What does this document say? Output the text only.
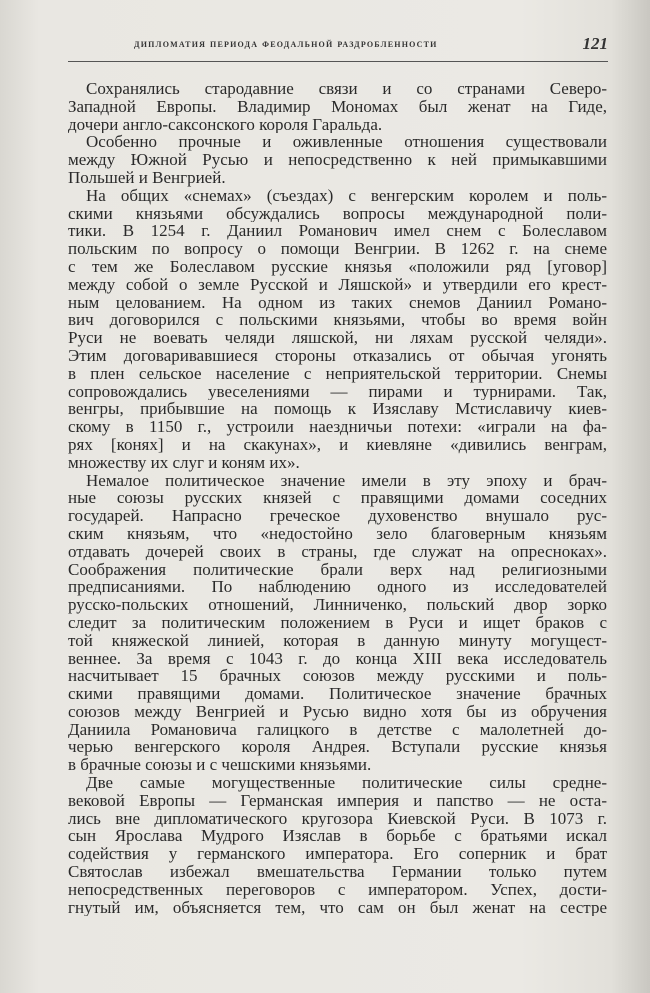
дипломатия периода феодальной раздробленности	121
Сохранялись стародавние связи и со странами Северо-
Западной Европы. Владимир Мономах был женат на Гиде,
дочери англо-саксонского короля Гаральда.
Особенно прочные и оживленные отношения существовали
между Южной Русью и непосредственно к ней примыкавшими
Польшей и Венгрией.
На общих «снемах» (съездах) с венгерским королем и поль-
скими князьями обсуждались вопросы международной поли-
тики. В 1254 г. Даниил Романович имел снем с Болеславом
польским по вопросу о помощи Венгрии. В 1262 г. на снеме
с тем же Болеславом русские князья «положили ряд [уговор]
между собой о земле Русской и Ляшской» и утвердили его крест-
ным целованием. На одном из таких снемов Даниил Романо-
вич договорился с польскими князьями, чтобы во время войн
Руси не воевать челяди ляшской, ни ляхам русской челяди».
Этим договаривавшиеся стороны отказались от обычая угонять
в плен сельское население с неприятельской территории. Снемы
сопровождались увеселениями — пирами и турнирами. Так,
венгры, прибывшие на помощь к Изяславу Мстиславичу киев-
скому в 1150 г., устроили наездничьи потехи: «играли на фа-
рях [конях] и на скакунах», и киевляне «дивились венграм,
множеству их слуг и коням их».
Немалое политическое значение имели в эту эпоху и брач-
ные союзы русских князей с правящими домами соседних
государей. Напрасно греческое духовенство внушало рус-
ским князьям, что «недостойно зело благоверным князьям
отдавать дочерей своих в страны, где служат на опресноках».
Соображения политические брали верх над религиозными
предписаниями. По наблюдению одного из исследователей
русско-польских отношений, Линниченко, польский двор зорко
следит за политическим положением в Руси и ищет браков с
той княжеской линией, которая в данную минуту могущест-
веннее. За время с 1043 г. до конца XIII века исследователь
насчитывает 15 брачных союзов между русскими и поль-
скими правящими домами. Политическое значение брачных
союзов между Венгрией и Русью видно хотя бы из обручения
Даниила Романовича галицкого в детстве с малолетней до-
черью венгерского короля Андрея. Вступали русские князья
в брачные союзы и с чешскими князьями.
Две самые могущественные политические силы средне-
вековой Европы — Германская империя и папство — не оста-
лись вне дипломатического кругозора Киевской Руси. В 1073 г.
сын Ярослава Мудрого Изяслав в борьбе с братьями искал
содействия у германского императора. Его соперник и брат
Святослав избежал вмешательства Германии только путем
непосредственных переговоров с императором. Успех, дости-
гнутый им, объясняется тем, что сам он был женат на сестре
